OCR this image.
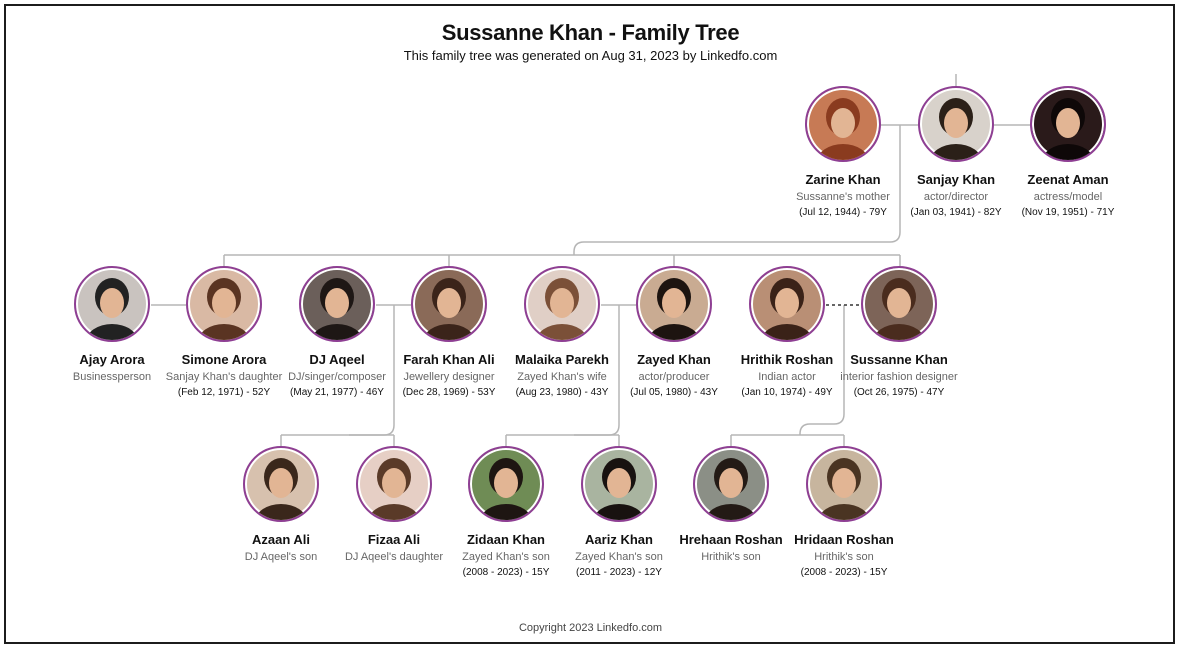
Sussanne Khan - Family Tree
This family tree was generated on Aug 31, 2023 by Linkedfo.com
Zarine Khan
Sussanne's mother
(Jul 12, 1944) - 79Y
Sanjay Khan
actor/director
(Jan 03, 1941) - 82Y
Zeenat Aman
actress/model
(Nov 19, 1951) - 71Y
Ajay Arora
Businessperson
Simone Arora
Sanjay Khan's daughter
(Feb 12, 1971) - 52Y
DJ Aqeel
DJ/singer/composer
(May 21, 1977) - 46Y
Farah Khan Ali
Jewellery designer
(Dec 28, 1969) - 53Y
Malaika Parekh
Zayed Khan's wife
(Aug 23, 1980) - 43Y
Zayed Khan
actor/producer
(Jul 05, 1980) - 43Y
Hrithik Roshan
Indian actor
(Jan 10, 1974) - 49Y
Sussanne Khan
interior fashion designer
(Oct 26, 1975) - 47Y
Azaan Ali
DJ Aqeel's son
Fizaa Ali
DJ Aqeel's daughter
Zidaan Khan
Zayed Khan's son
(2008 - 2023) - 15Y
Aariz Khan
Zayed Khan's son
(2011 - 2023) - 12Y
Hrehaan Roshan
Hrithik's son
Hridaan Roshan
Hrithik's son
(2008 - 2023) - 15Y
Copyright 2023 Linkedfo.com
